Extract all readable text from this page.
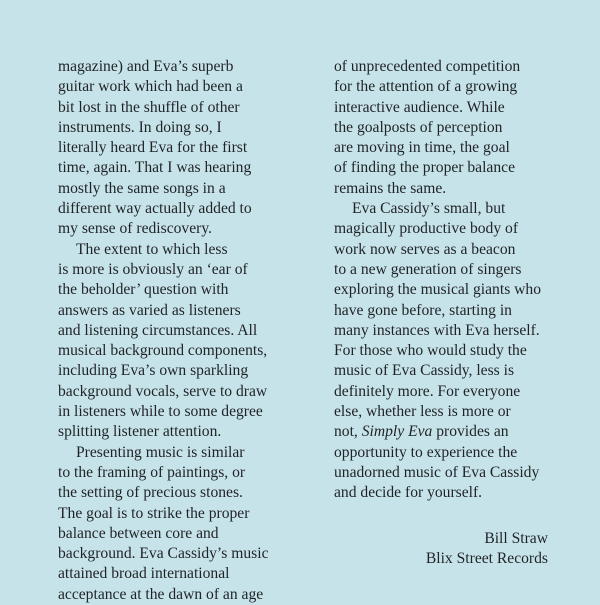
magazine) and Eva’s superb
guitar work which had been a
bit lost in the shuffle of other
instruments. In doing so, I
literally heard Eva for the first
time, again. That I was hearing
mostly the same songs in a
different way actually added to
my sense of rediscovery.
The extent to which less
is more is obviously an ‘ear of
the beholder’ question with
answers as varied as listeners
and listening circumstances. All
musical background components,
including Eva’s own sparkling
background vocals, serve to draw
in listeners while to some degree
splitting listener attention.
Presenting music is similar
to the framing of paintings, or
the setting of precious stones.
The goal is to strike the proper
balance between core and
background. Eva Cassidy’s music
attained broad international
acceptance at the dawn of an age
of unprecedented competition
for the attention of a growing
interactive audience. While
the goalposts of perception
are moving in time, the goal
of finding the proper balance
remains the same.
Eva Cassidy’s small, but
magically productive body of
work now serves as a beacon
to a new generation of singers
exploring the musical giants who
have gone before, starting in
many instances with Eva herself.
For those who would study the
music of Eva Cassidy, less is
definitely more. For everyone
else, whether less is more or
not, Simply Eva provides an
opportunity to experience the
unadorned music of Eva Cassidy
and decide for yourself.
Bill Straw
Blix Street Records
